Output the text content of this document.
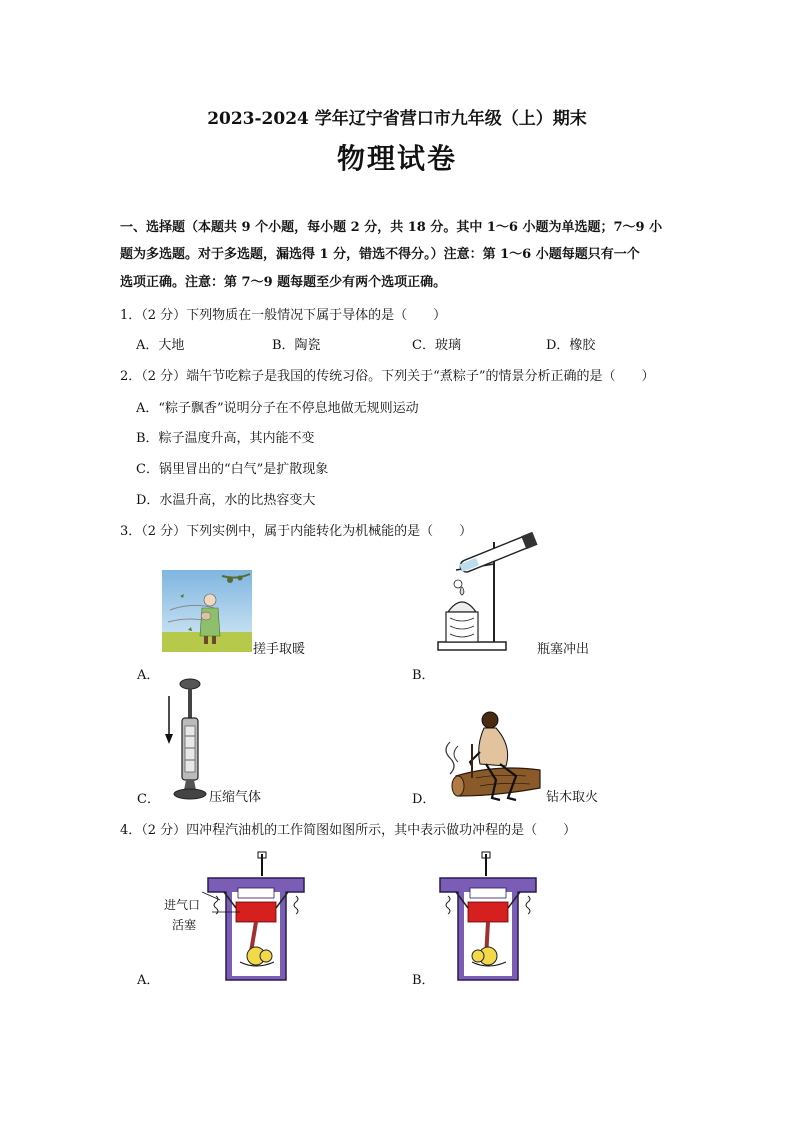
2023-2024 学年辽宁省营口市九年级（上）期末
物理试卷
一、选择题（本题共 9 个小题，每小题 2 分，共 18 分。其中 1～6 小题为单选题；7～9 小
题为多选题。对于多选题，漏选得 1 分，错选不得分。）注意：第 1～6 小题每题只有一个
选项正确。注意：第 7～9 题每题至少有两个选项正确。
1．（2 分）下列物质在一般情况下属于导体的是（　　）
A．大地	B．陶瓷	C．玻璃	D．橡胶
2．（2 分）端午节吃粽子是我国的传统习俗。下列关于“煮粽子”的情景分析正确的是（　　）
A．“粽子飘香”说明分子在不停息地做无规则运动
B．粽子温度升高，其内能不变
C．锅里冒出的“白气”是扩散现象
D．水温升高，水的比热容变大
3．（2 分）下列实例中，属于内能转化为机械能的是（　　）
A．
搓手取暖
B．
瓶塞冲出
C．	压缩气体	D．	钻木取火
4．（2 分）四冲程汽油机的工作简图如图所示，其中表示做功冲程的是（　　）
进气口
活塞
A．	B．
